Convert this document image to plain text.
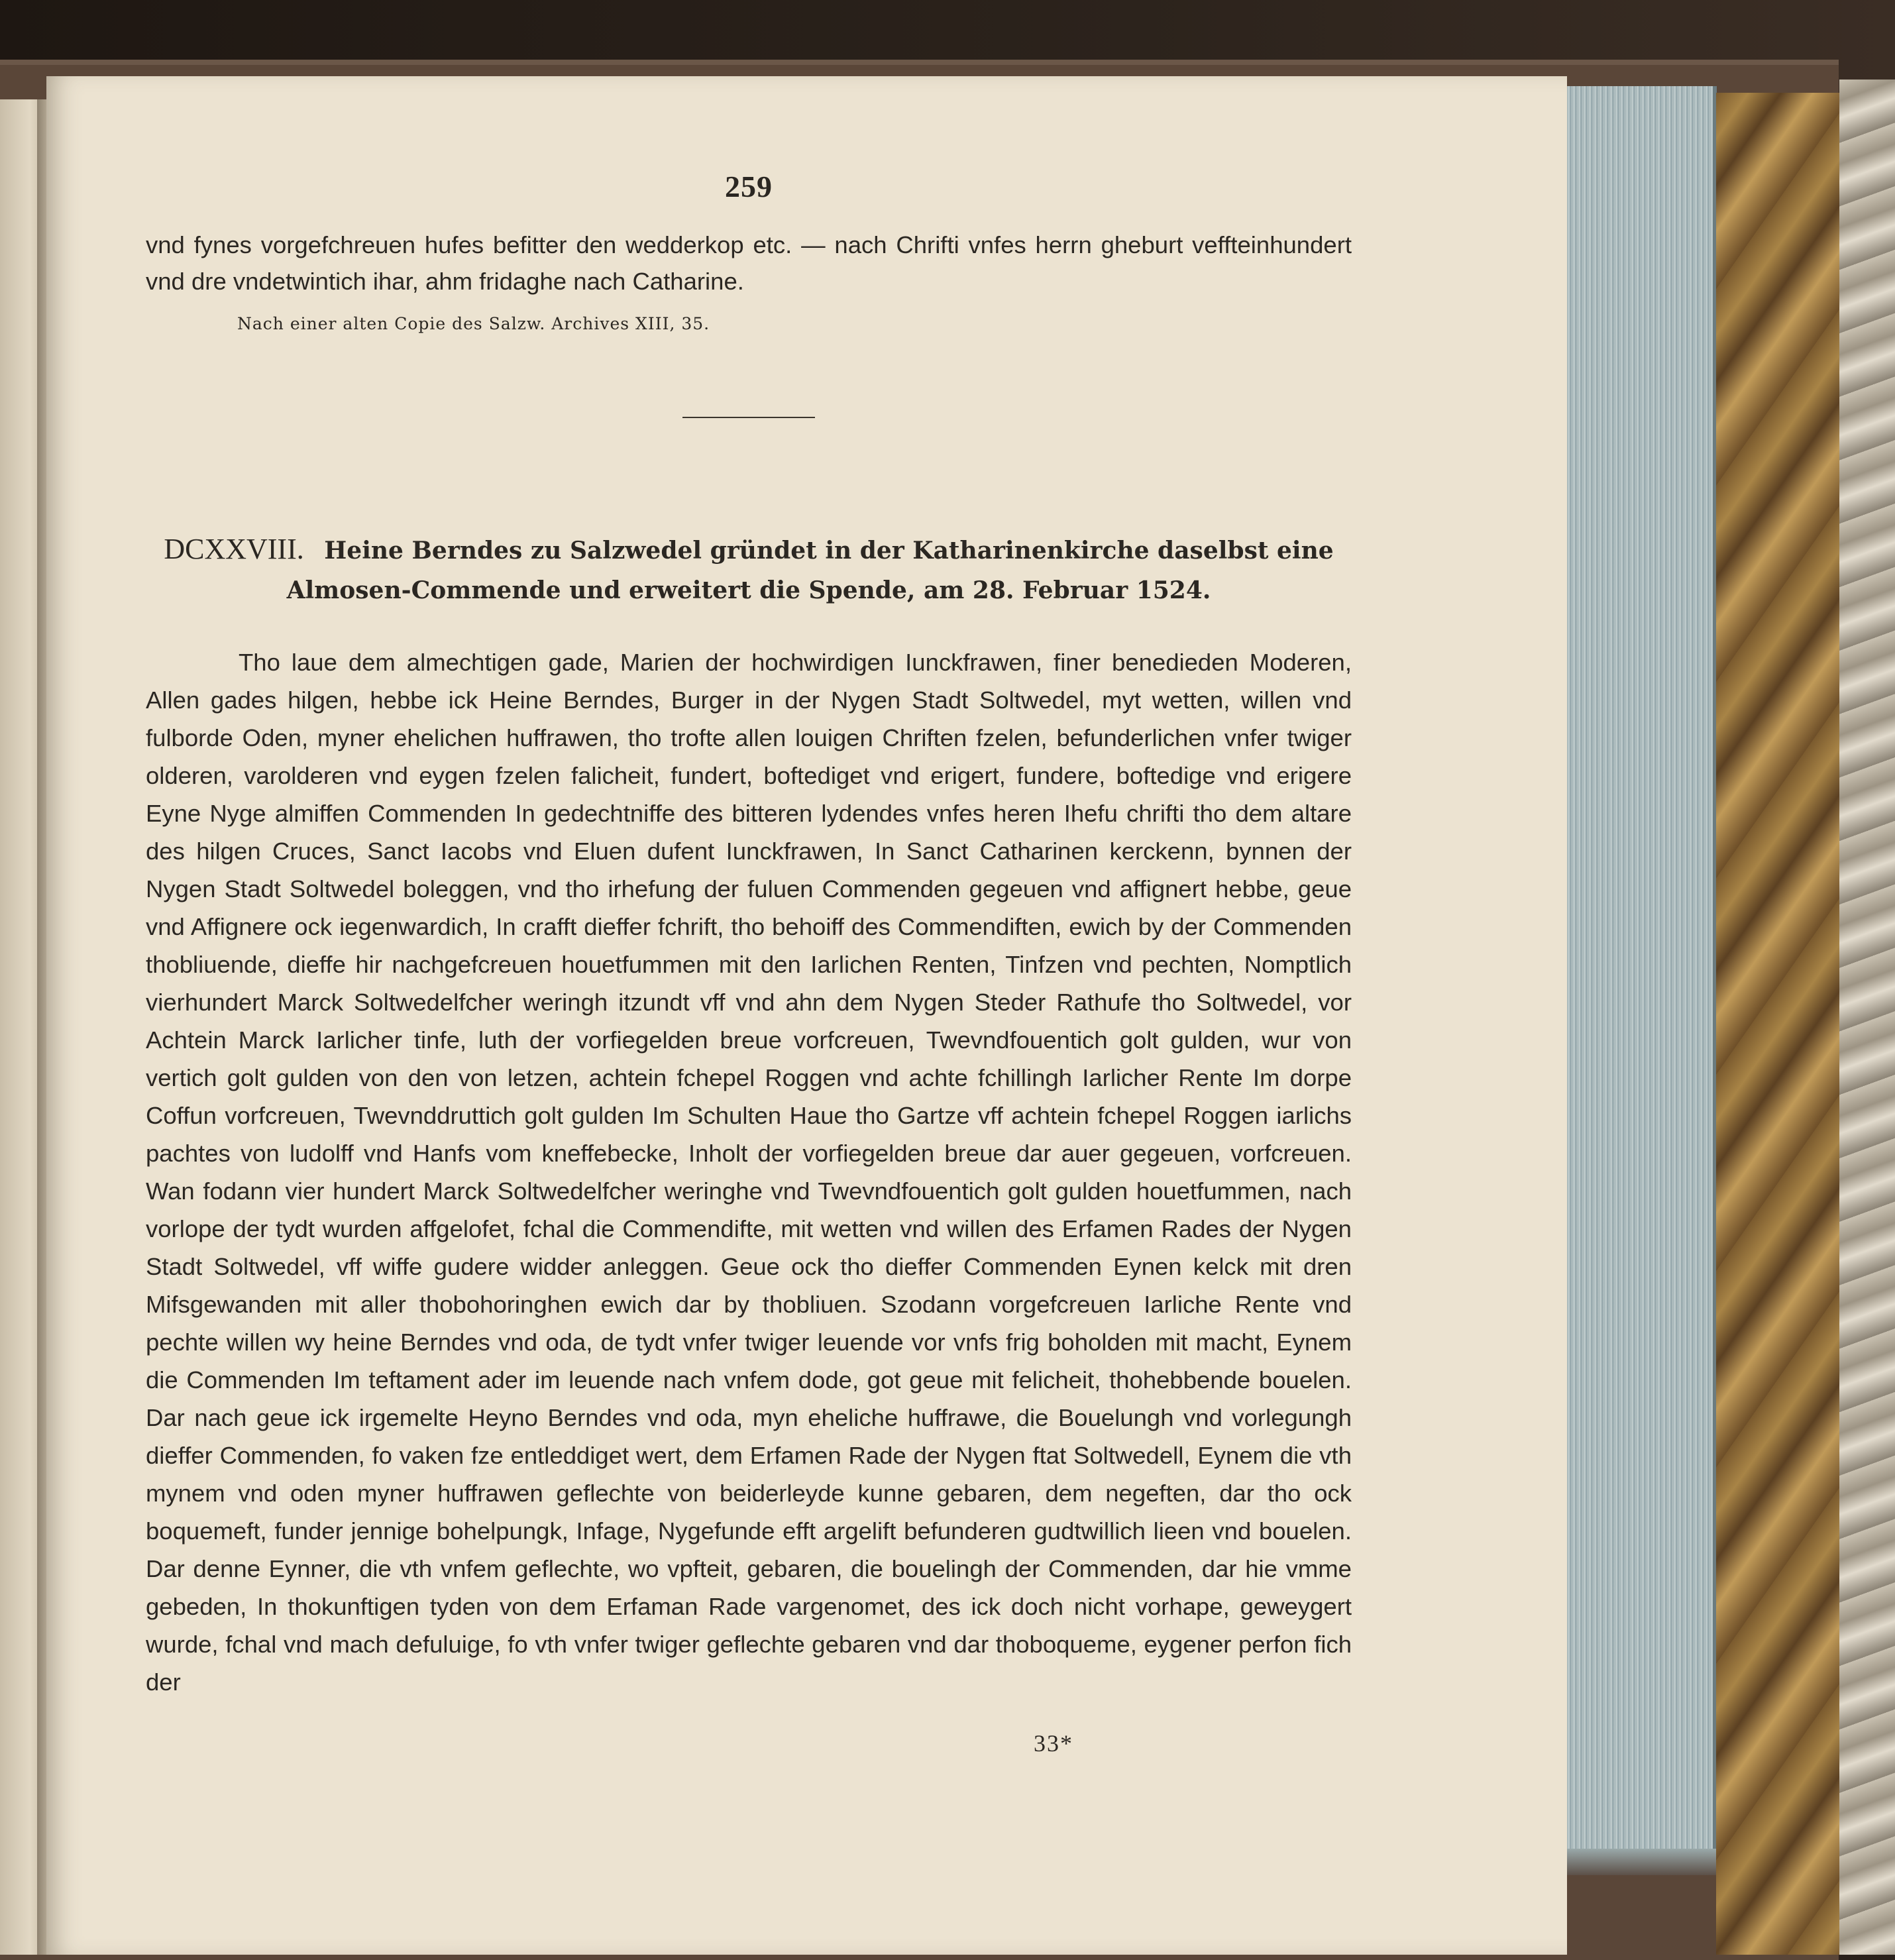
259

vnd fynes vorgefchreuen hufes befitter den wedderkop etc. — nach Chrifti vnfes herrn gheburt veffteinhundert vnd dre vndetwintich ihar, ahm fridaghe nach Catharine.

Nach einer alten Copie des Salzw. Archives XIII, 35.
DCXXVIII. Heine Berndes zu Salzwedel gründet in der Katharinenkirche daselbst eine Almosen-Commende und erweitert die Spende, am 28. Februar 1524.

Tho laue dem almechtigen gade, Marien der hochwirdigen Iunckfrawen, finer benedieden Moderen, Allen gades hilgen, hebbe ick Heine Berndes, Burger in der Nygen Stadt Soltwedel, myt wetten, willen vnd fulborde Oden, myner ehelichen huffrawen, tho trofte allen louigen Chriften fzelen, befunderlichen vnfer twiger olderen, varolderen vnd eygen fzelen falicheit, fundert, boftediget vnd erigert, fundere, boftedige vnd erigere Eyne Nyge almiffen Commenden In gedechtniffe des bitteren lydendes vnfes heren Ihefu chrifti tho dem altare des hilgen Cruces, Sanct Iacobs vnd Eluen dufent Iunckfrawen, In Sanct Catharinen kerckenn, bynnen der Nygen Stadt Soltwedel boleggen, vnd tho irhefung der fuluen Commenden gegeuen vnd affignert hebbe, geue vnd Affignere ock iegenwardich, In crafft dieffer fchrift, tho behoiff des Commendiften, ewich by der Commenden thobliuende, dieffe hir nachgefcreuen houetfummen mit den Iarlichen Renten, Tinfzen vnd pechten, Nomptlich vierhundert Marck Soltwedelfcher weringh itzundt vff vnd ahn dem Nygen Steder Rathufe tho Soltwedel, vor Achtein Marck Iarlicher tinfe, luth der vorfiegelden breue vorfcreuen, Twevndfouentich golt gulden, wur von vertich golt gulden von den von letzen, achtein fchepel Roggen vnd achte fchillingh Iarlicher Rente Im dorpe Coffun vorfcreuen, Twevnddruttich golt gulden Im Schulten Haue tho Gartze vff achtein fchepel Roggen iarlichs pachtes von ludolff vnd Hanfs vom kneffebecke, Inholt der vorfiegelden breue dar auer gegeuen, vorfcreuen. Wan fodann vier hundert Marck Soltwedelfcher weringhe vnd Twevndfouentich golt gulden houetfummen, nach vorlope der tydt wurden affgelofet, fchal die Commendifte, mit wetten vnd willen des Erfamen Rades der Nygen Stadt Soltwedel, vff wiffe gudere widder anleggen. Geue ock tho dieffer Commenden Eynen kelck mit dren Mifsgewanden mit aller thobohoringhen ewich dar by thobliuen. Szodann vorgefcreuen Iarliche Rente vnd pechte willen wy heine Berndes vnd oda, de tydt vnfer twiger leuende vor vnfs frig boholden mit macht, Eynem die Commenden Im teftament ader im leuende nach vnfem dode, got geue mit felicheit, thohebbende bouelen. Dar nach geue ick irgemelte Heyno Berndes vnd oda, myn eheliche huffrawe, die Bouelungh vnd vorlegungh dieffer Commenden, fo vaken fze entleddiget wert, dem Erfamen Rade der Nygen ftat Soltwedell, Eynem die vth mynem vnd oden myner huffrawen geflechte von beiderleyde kunne gebaren, dem negeften, dar tho ock boquemeft, funder jennige bohelpungk, Infage, Nygefunde efft argelift befunderen gudtwillich lieen vnd bouelen. Dar denne Eynner, die vth vnfem geflechte, wo vpfteit, gebaren, die bouelingh der Commenden, dar hie vmme gebeden, In thokunftigen tyden von dem Erfaman Rade vargenomet, des ick doch nicht vorhape, geweygert wurde, fchal vnd mach defuluige, fo vth vnfer twiger geflechte gebaren vnd dar thoboqueme, eygener perfon fich der

33*
